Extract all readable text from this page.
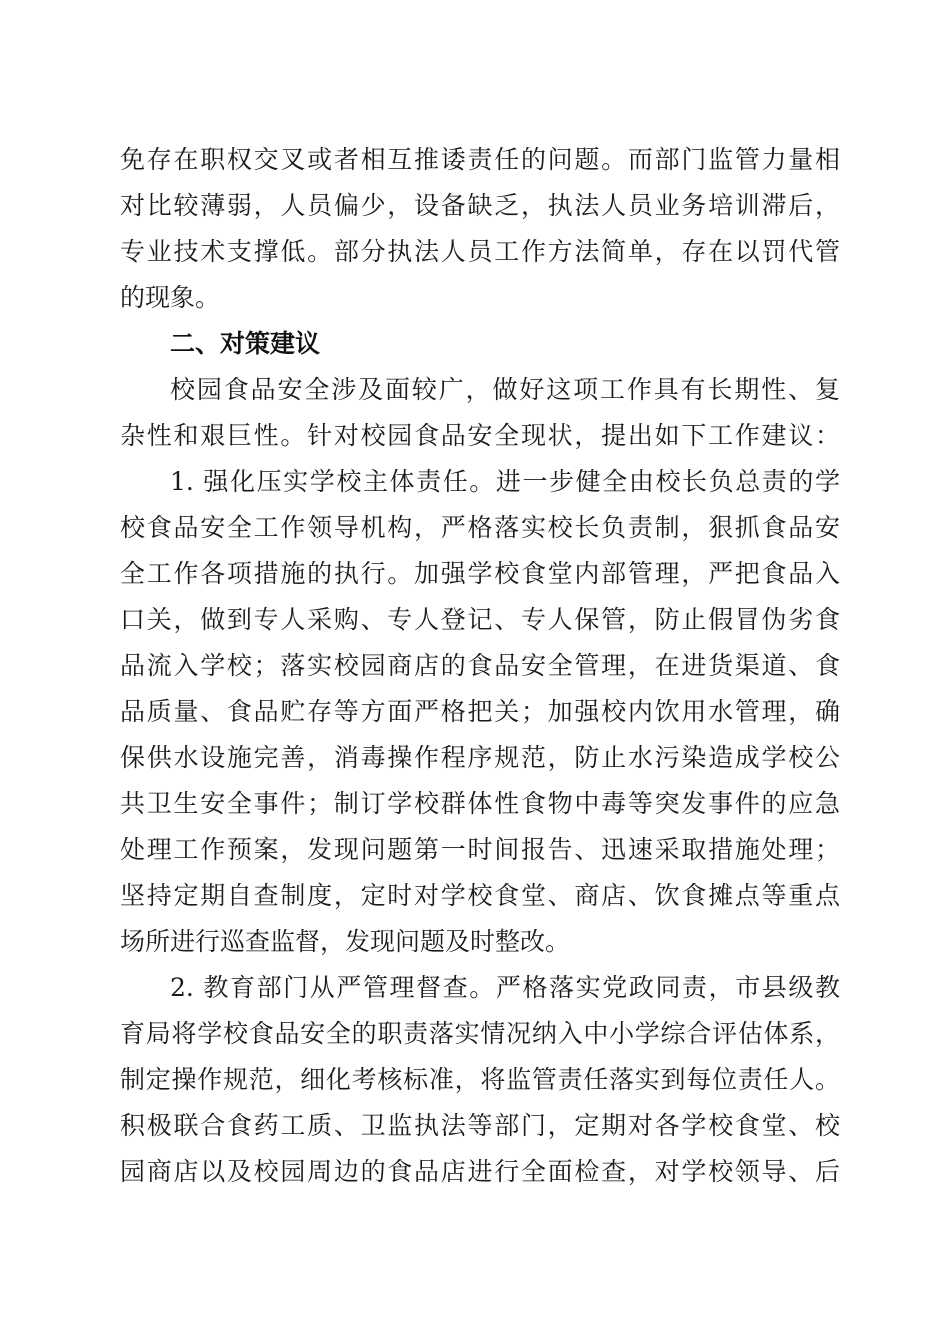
免存在职权交叉或者相互推诿责任的问题。而部门监管力量相
对比较薄弱，人员偏少，设备缺乏，执法人员业务培训滞后，
专业技术支撑低。部分执法人员工作方法简单，存在以罚代管
的现象。
二、对策建议
校园食品安全涉及面较广，做好这项工作具有长期性、复
杂性和艰巨性。针对校园食品安全现状，提出如下工作建议：
1. 强化压实学校主体责任。进一步健全由校长负总责的学
校食品安全工作领导机构，严格落实校长负责制，狠抓食品安
全工作各项措施的执行。加强学校食堂内部管理，严把食品入
口关，做到专人采购、专人登记、专人保管，防止假冒伪劣食
品流入学校；落实校园商店的食品安全管理，在进货渠道、食
品质量、食品贮存等方面严格把关；加强校内饮用水管理，确
保供水设施完善，消毒操作程序规范，防止水污染造成学校公
共卫生安全事件；制订学校群体性食物中毒等突发事件的应急
处理工作预案，发现问题第一时间报告、迅速采取措施处理；
坚持定期自查制度，定时对学校食堂、商店、饮食摊点等重点
场所进行巡查监督，发现问题及时整改。
2. 教育部门从严管理督查。严格落实党政同责，市县级教
育局将学校食品安全的职责落实情况纳入中小学综合评估体系，
制定操作规范，细化考核标准，将监管责任落实到每位责任人。
积极联合食药工质、卫监执法等部门，定期对各学校食堂、校
园商店以及校园周边的食品店进行全面检查，对学校领导、后
